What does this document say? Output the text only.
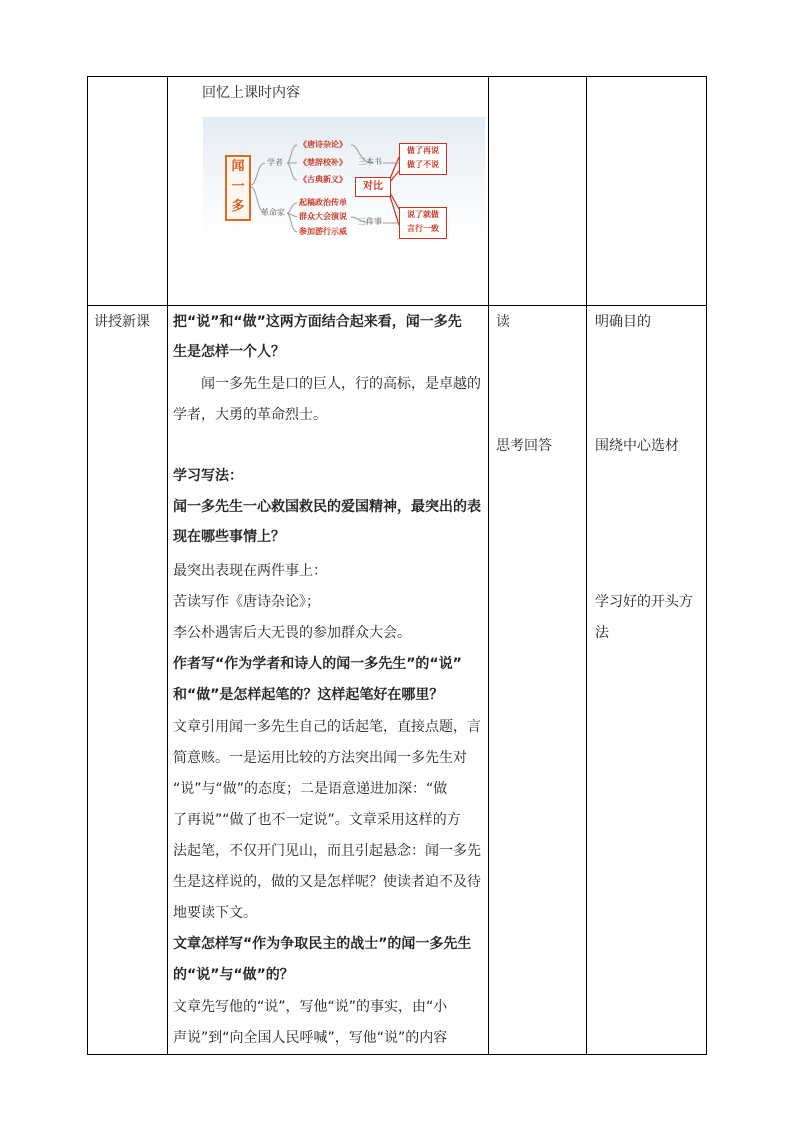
回忆上课时内容
闻
一
多
学者
革命家
《唐诗杂论》
《楚辞校补》
《古典新义》
起稿政治传单
群众大会演说
参加游行示威
三本书
三件事
对比
做了再说
做了不说
说了就做
言行一致
讲授新课 把“说”和“做”这两方面结合起来看，闻一多先
生是怎样一个人？
闻一多先生是口的巨人，行的高标，是卓越的
学者，大勇的革命烈士。
学习写法：
闻一多先生一心救国救民的爱国精神，最突出的表
现在哪些事情上？
最突出表现在两件事上：
苦读写作《唐诗杂论》；
李公朴遇害后大无畏的参加群众大会。
作者写“作为学者和诗人的闻一多先生”的“说”
和“做”是怎样起笔的？这样起笔好在哪里？
文章引用闻一多先生自己的话起笔，直接点题，言
简意赅。一是运用比较的方法突出闻一多先生对
“说”与“做”的态度；二是语意递进加深：“做
了再说”“做了也不一定说”。文章采用这样的方
法起笔，不仅开门见山，而且引起悬念：闻一多先
生是这样说的，做的又是怎样呢？使读者迫不及待
地要读下文。
文章怎样写“作为争取民主的战士”的闻一多先生
的“说”与“做”的？
文章先写他的“说”，写他“说”的事实，由“小
声说”到“向全国人民呼喊”，写他“说”的内容
读
思考回答
明确目的
围绕中心选材
学习好的开头方
法
